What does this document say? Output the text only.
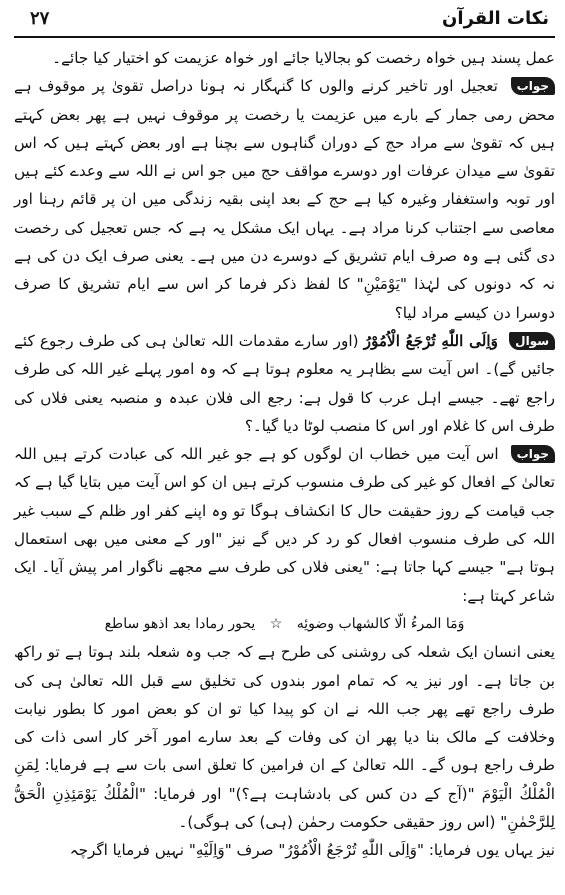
۲۷	نکات القرآن

عمل پسند ہیں خواہ رخصت کو بجالایا جائے اور خواہ عزیمت کو اختیار کیا جائے۔

جواب تعجیل اور تاخیر کرنے والوں کا گنہگار نہ ہونا دراصل تقویٰ پر موقوف ہے محض رمی جمار کے بارے میں عزیمت یا رخصت پر موقوف نہیں ہے پھر بعض کہتے ہیں کہ تقویٰ سے مراد حج کے دوران گناہوں سے بچنا ہے اور بعض کہتے ہیں کہ اس تقویٰ سے میدان عرفات اور دوسرے مواقف حج میں جو اس نے اللہ سے وعدے کئے ہیں اور توبہ واستغفار وغیرہ کیا ہے حج کے بعد اپنی بقیہ زندگی میں ان پر قائم رہنا اور معاصی سے اجتناب کرنا مراد ہے۔ یہاں ایک مشکل یہ ہے کہ جس تعجیل کی رخصت دی گئی ہے وہ صرف ایام تشریق کے دوسرے دن میں ہے۔ یعنی صرف ایک دن کی ہے نہ کہ دونوں کی لہٰذا "يَوْمَيْنِ" کا لفظ ذکر فرما کر اس سے ایام تشریق کا صرف دوسرا دن کیسے مراد لیا؟

سوال وَاِلَى اللّٰهِ تُرْجَعُ الْاُمُوْرُ (اور سارے مقدمات اللہ تعالیٰ ہی کی طرف رجوع کئے جائیں گے)۔ اس آیت سے بظاہر یہ معلوم ہوتا ہے کہ وہ امور پہلے غیر اللہ کی طرف راجع تھے۔ جیسے اہل عرب کا قول ہے: رجع الی فلان عبدہ و منصبہ یعنی فلاں کی طرف اس کا غلام اور اس کا منصب لوٹا دیا گیا۔؟

جواب اس آیت میں خطاب ان لوگوں کو ہے جو غیر اللہ کی عبادت کرتے ہیں اللہ تعالیٰ کے افعال کو غیر کی طرف منسوب کرتے ہیں ان کو اس آیت میں بتایا گیا ہے کہ جب قیامت کے روز حقیقت حال کا انکشاف ہوگا تو وہ اپنے کفر اور ظلم کے سبب غیر اللہ کی طرف منسوب افعال کو رد کر دیں گے نیز "اور کے معنی میں بھی استعمال ہوتا ہے" جیسے کہا جاتا ہے: "یعنی فلاں کی طرف سے مجھے ناگوار امر پیش آیا۔ ایک شاعر کہتا ہے:

وَمَا المرءُ الّا کالشهاب وضوئِه ☆ یحور رمادا بعد اذهو ساطع

یعنی انسان ایک شعلہ کی روشنی کی طرح ہے کہ جب وہ شعلہ بلند ہوتا ہے تو راکھ بن جاتا ہے۔ اور نیز یہ کہ تمام امور بندوں کی تخلیق سے قبل اللہ تعالیٰ ہی کی طرف راجع تھے پھر جب اللہ نے ان کو پیدا کیا تو ان کو بعض امور کا بطور نیابت وخلافت کے مالک بنا دیا پھر ان کی وفات کے بعد سارے امور آخر کار اسی ذات کی طرف راجع ہوں گے۔ اللہ تعالیٰ کے ان فرامین کا تعلق اسی بات سے ہے فرمایا: لِمَنِ الْمُلْكُ الْيَوْمَ "(آج کے دن کس کی بادشاہت ہے؟)" اور فرمایا: "الْمُلْكُ يَوْمَئِذِنِ الْحَقُّ لِلرَّحْمٰنِ" (اس روز حقیقی حکومت رحمٰن (ہی) کی ہوگی)۔

نیز یہاں یوں فرمایا: "وَاِلَى اللّٰهِ تُرْجَعُ الْاُمُوْرُ" صرف "وَاِلَيْهِ" نہیں فرمایا اگرچہ
